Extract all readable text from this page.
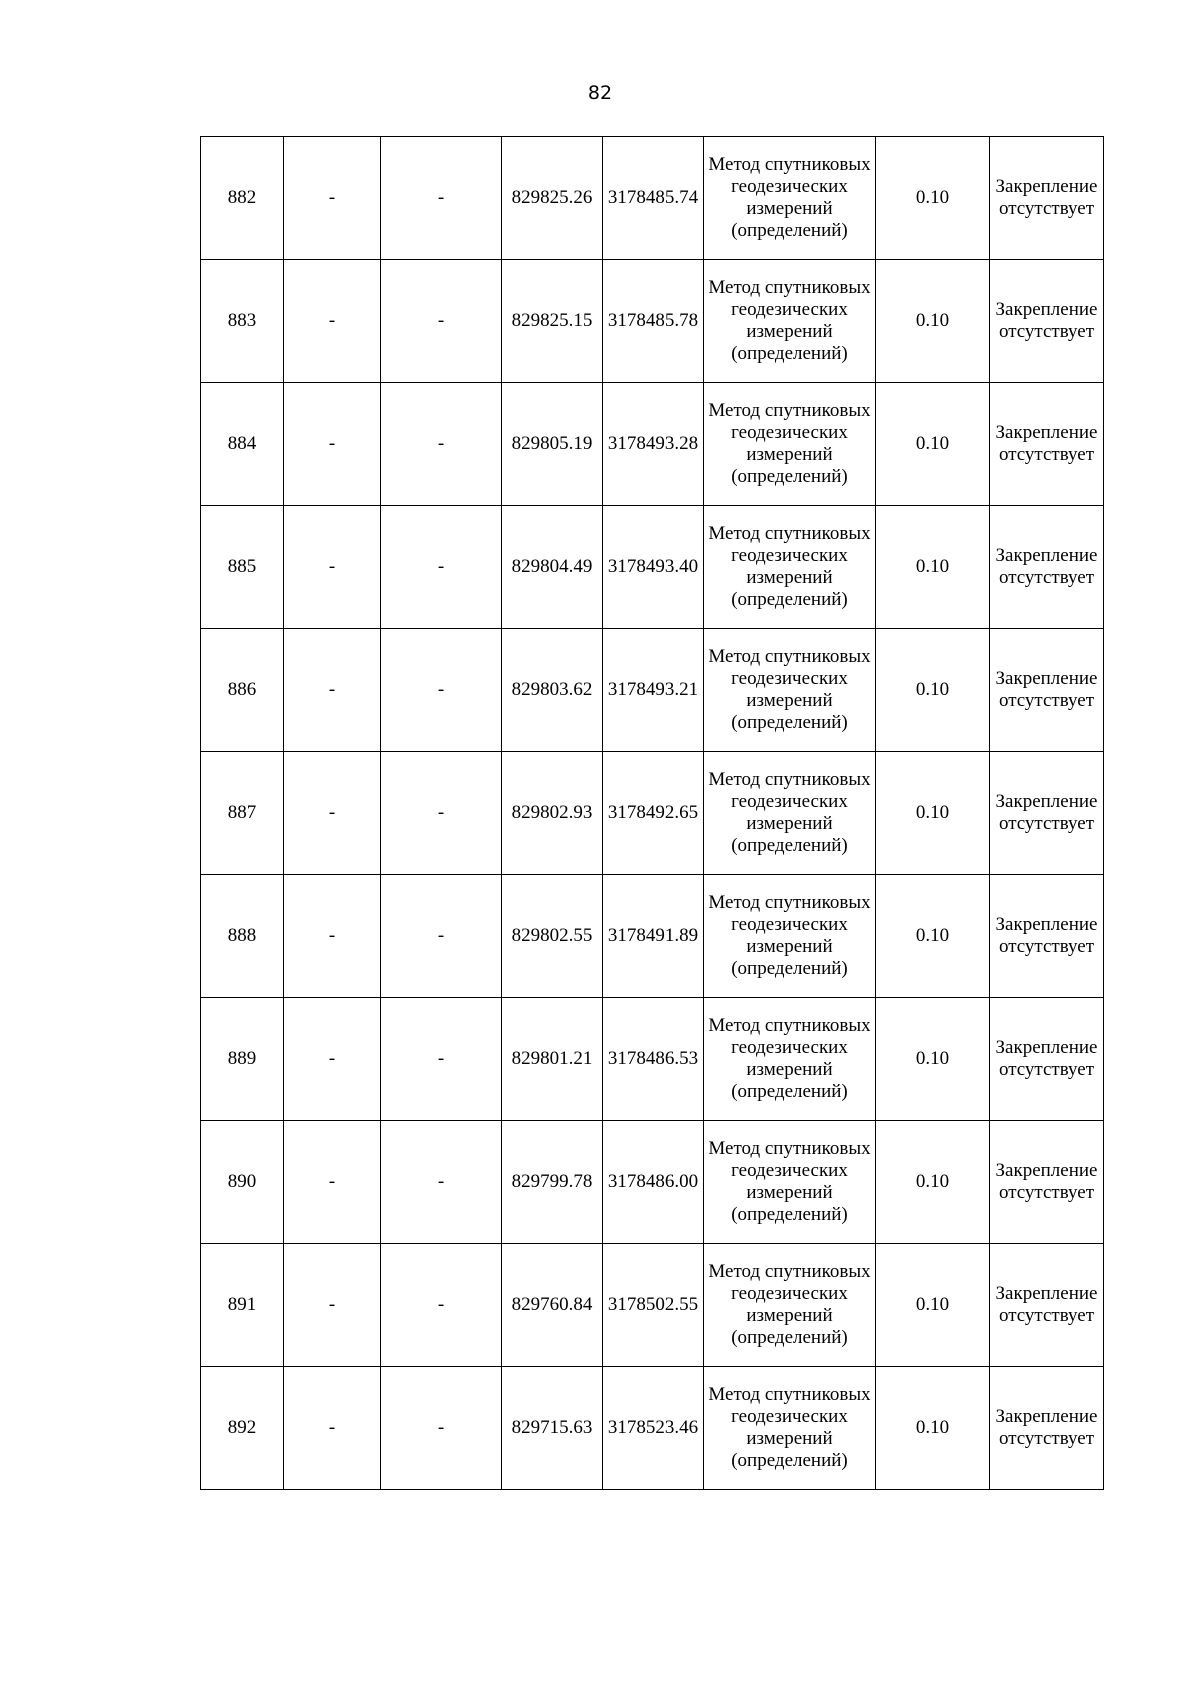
82
882	-	-	829825.26	3178485.74	Метод спутниковых геодезических измерений (определений)	0.10	Закрепление отсутствует
883	-	-	829825.15	3178485.78	Метод спутниковых геодезических измерений (определений)	0.10	Закрепление отсутствует
884	-	-	829805.19	3178493.28	Метод спутниковых геодезических измерений (определений)	0.10	Закрепление отсутствует
885	-	-	829804.49	3178493.40	Метод спутниковых геодезических измерений (определений)	0.10	Закрепление отсутствует
886	-	-	829803.62	3178493.21	Метод спутниковых геодезических измерений (определений)	0.10	Закрепление отсутствует
887	-	-	829802.93	3178492.65	Метод спутниковых геодезических измерений (определений)	0.10	Закрепление отсутствует
888	-	-	829802.55	3178491.89	Метод спутниковых геодезических измерений (определений)	0.10	Закрепление отсутствует
889	-	-	829801.21	3178486.53	Метод спутниковых геодезических измерений (определений)	0.10	Закрепление отсутствует
890	-	-	829799.78	3178486.00	Метод спутниковых геодезических измерений (определений)	0.10	Закрепление отсутствует
891	-	-	829760.84	3178502.55	Метод спутниковых геодезических измерений (определений)	0.10	Закрепление отсутствует
892	-	-	829715.63	3178523.46	Метод спутниковых геодезических измерений (определений)	0.10	Закрепление отсутствует
